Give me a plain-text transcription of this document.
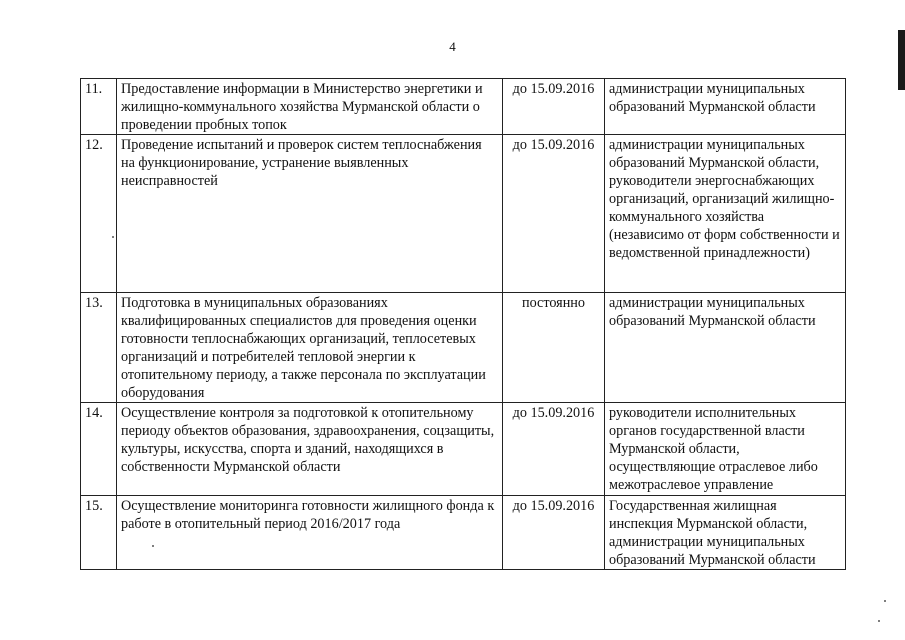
4
11.	Предоставление информации в Министерство энергетики и жилищно-коммунального хозяйства Мурманской области о проведении пробных топок	до 15.09.2016	администрации муниципальных образований Мурманской области
12.	Проведение испытаний и проверок систем теплоснабжения на функционирование, устранение выявленных неисправностей	до 15.09.2016	администрации муниципальных образований Мурманской области, руководители энергоснабжающих организаций, организаций жилищно-коммунального хозяйства (независимо от форм собственности и ведомственной принадлежности)
13.	Подготовка в муниципальных образованиях квалифицированных специалистов для проведения оценки готовности теплоснабжающих организаций, теплосетевых организаций и потребителей тепловой энергии к отопительному периоду, а также персонала по эксплуатации оборудования	постоянно	администрации муниципальных образований Мурманской области
14.	Осуществление контроля за подготовкой к отопительному периоду объектов образования, здравоохранения, соцзащиты, культуры, искусства, спорта и зданий, находящихся в собственности Мурманской области	до 15.09.2016	руководители исполнительных органов государственной власти Мурманской области, осуществляющие отраслевое либо межотраслевое управление
15.	Осуществление мониторинга готовности жилищного фонда к работе в отопительный период 2016/2017 года	до 15.09.2016	Государственная жилищная инспекция Мурманской области, администрации муниципальных образований Мурманской области
